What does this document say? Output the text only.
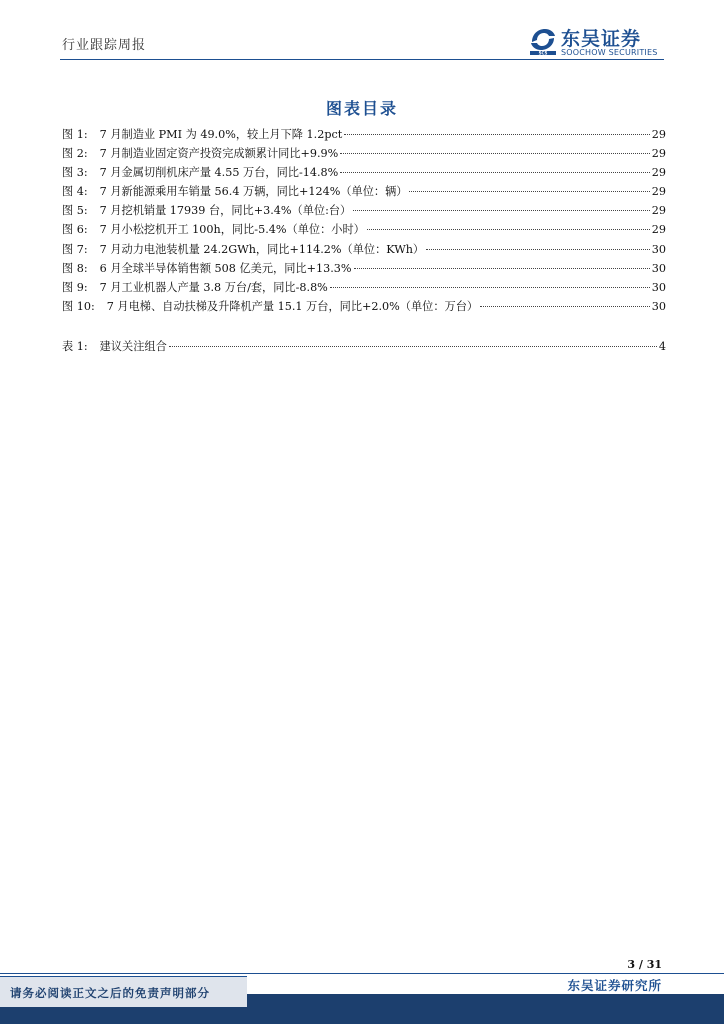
行业跟踪周报	SCS
东吴证券
SOOCHOW SECURITIES
图表目录
图 1: 7 月制造业 PMI 为 49.0%，较上月下降 1.2pct	29
图 2: 7 月制造业固定资产投资完成额累计同比+9.9%	29
图 3: 7 月金属切削机床产量 4.55 万台，同比-14.8%	29
图 4: 7 月新能源乘用车销量 56.4 万辆，同比+124%（单位：辆）	29
图 5: 7 月挖机销量 17939 台，同比+3.4%（单位:台）	29
图 6: 7 月小松挖机开工 100h，同比-5.4%（单位：小时）	29
图 7: 7 月动力电池装机量 24.2GWh，同比+114.2%（单位：KWh）	30
图 8: 6 月全球半导体销售额 508 亿美元，同比+13.3%	30
图 9: 7 月工业机器人产量 3.8 万台/套，同比-8.8%	30
图 10: 7 月电梯、自动扶梯及升降机产量 15.1 万台，同比+2.0%（单位：万台）	30
表 1: 建议关注组合	4
3 / 31
请务必阅读正文之后的免责声明部分	东吴证券研究所
